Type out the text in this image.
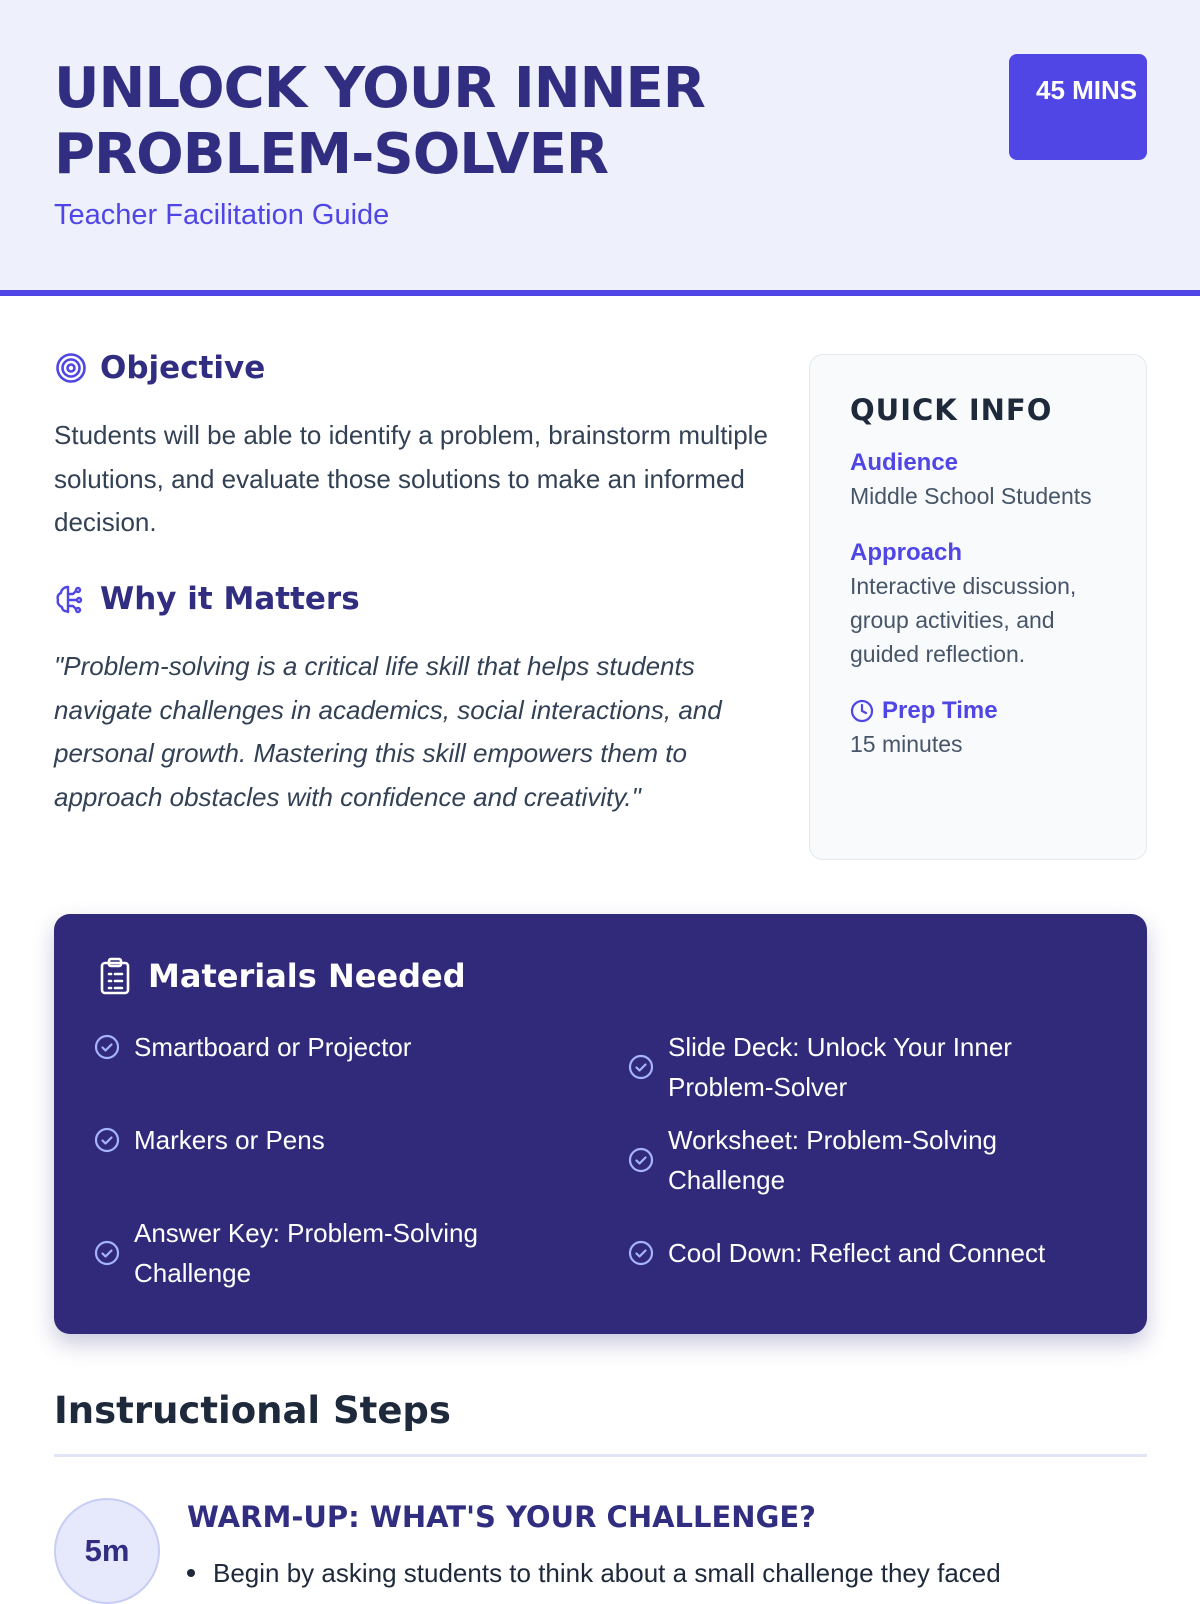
UNLOCK YOUR INNER PROBLEM-SOLVER
Teacher Facilitation Guide
45 MINS
Objective
Students will be able to identify a problem, brainstorm multiple solutions, and evaluate those solutions to make an informed decision.
Why it Matters
"Problem-solving is a critical life skill that helps students navigate challenges in academics, social interactions, and personal growth. Mastering this skill empowers them to approach obstacles with confidence and creativity."
QUICK INFO
Audience
Middle School Students
Approach
Interactive discussion, group activities, and guided reflection.
Prep Time
15 minutes
Materials Needed
Smartboard or Projector	Slide Deck: Unlock Your Inner Problem-Solver
Markers or Pens	Worksheet: Problem-Solving Challenge
Answer Key: Problem-Solving Challenge
Cool Down: Reflect and Connect
Instructional Steps
5m
WARM-UP: WHAT'S YOUR CHALLENGE?
Begin by asking students to think about a small challenge they faced
